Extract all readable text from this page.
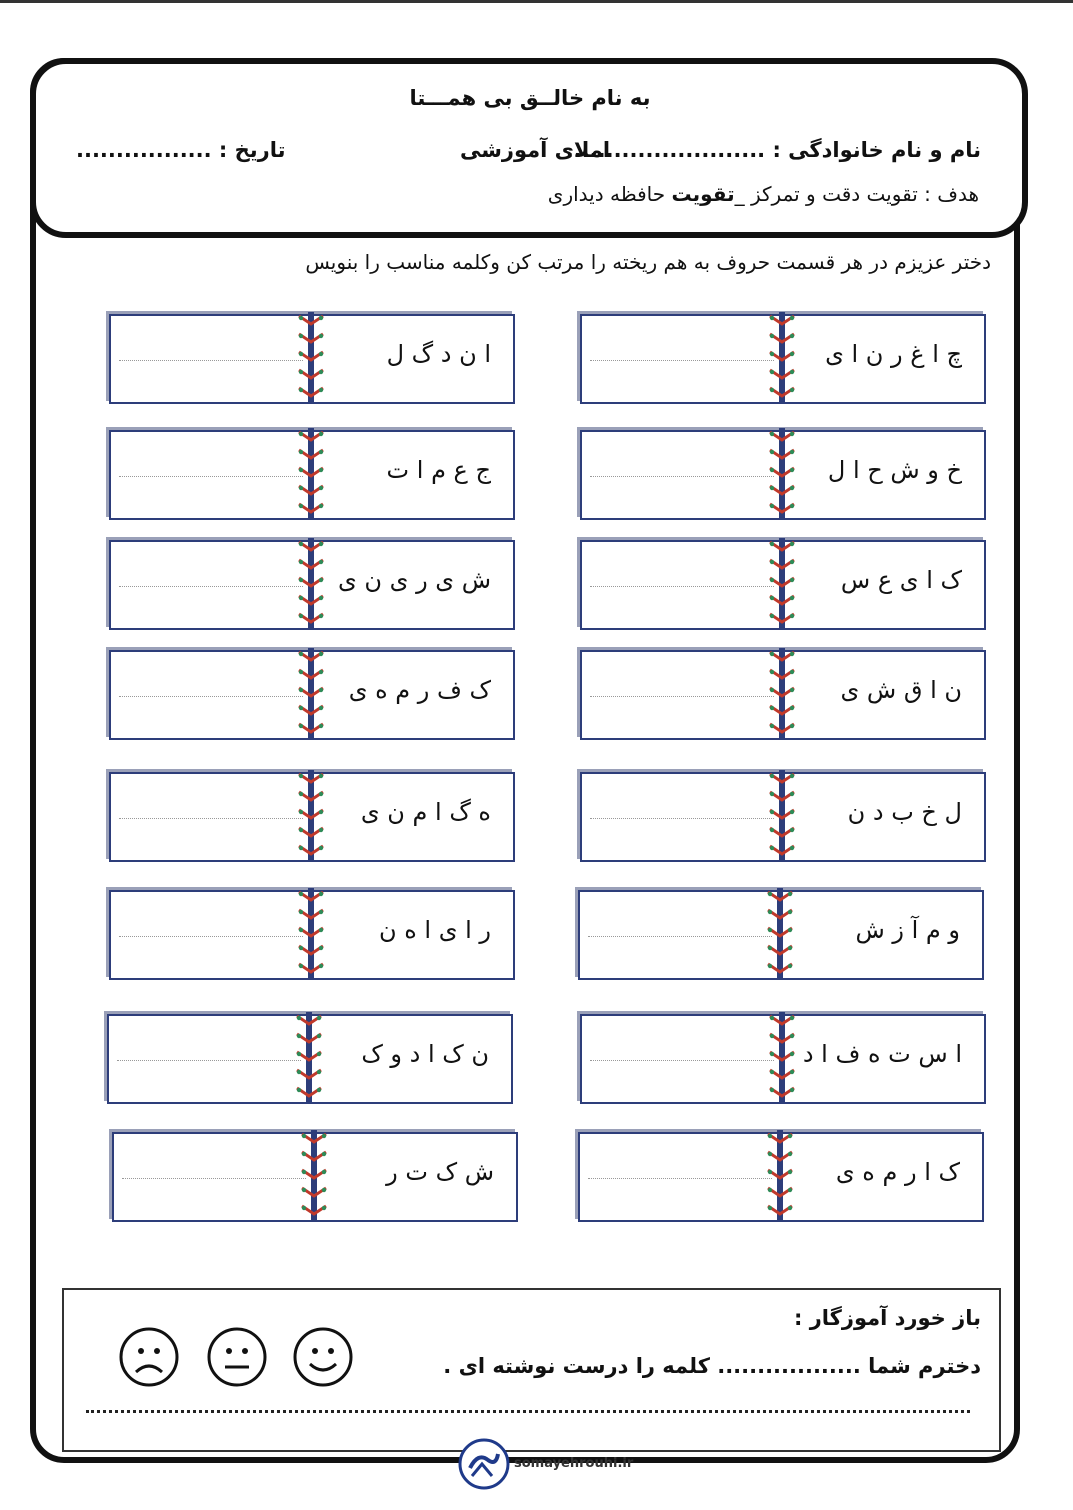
به نام خالــق بی همـــتا
نام و نام خانوادگی : .........................
املای آموزشی
تاریخ : .................
هدف : تقویت دقت و تمرکز _تقویت حافظه دیداری
دختر عزیزم در هر قسمت حروف به هم ریخته را مرتب کن وکلمه مناسب را بنویس
چ ا غ ر ن ا ی
ا ن د گ ل
خ و ش ح ا ل
ج ع م ا ت
ک ا ی ع س
ش ی ر ی ن ی
ن ا ق ش ی
ک ف ر م ه ی
ل خ ب د ن
ه گ ا م ن ی
و م آ ز ش
ر ا ی ا ه ن
ا س ت ه ف ا د
ن ک ا د و ک
ک ا ر م ه ی
ش ک ت ر
باز خورد آموزگار :
دخترم شما .................. کلمه را درست نوشته ای .
somayehrouhi.ir
